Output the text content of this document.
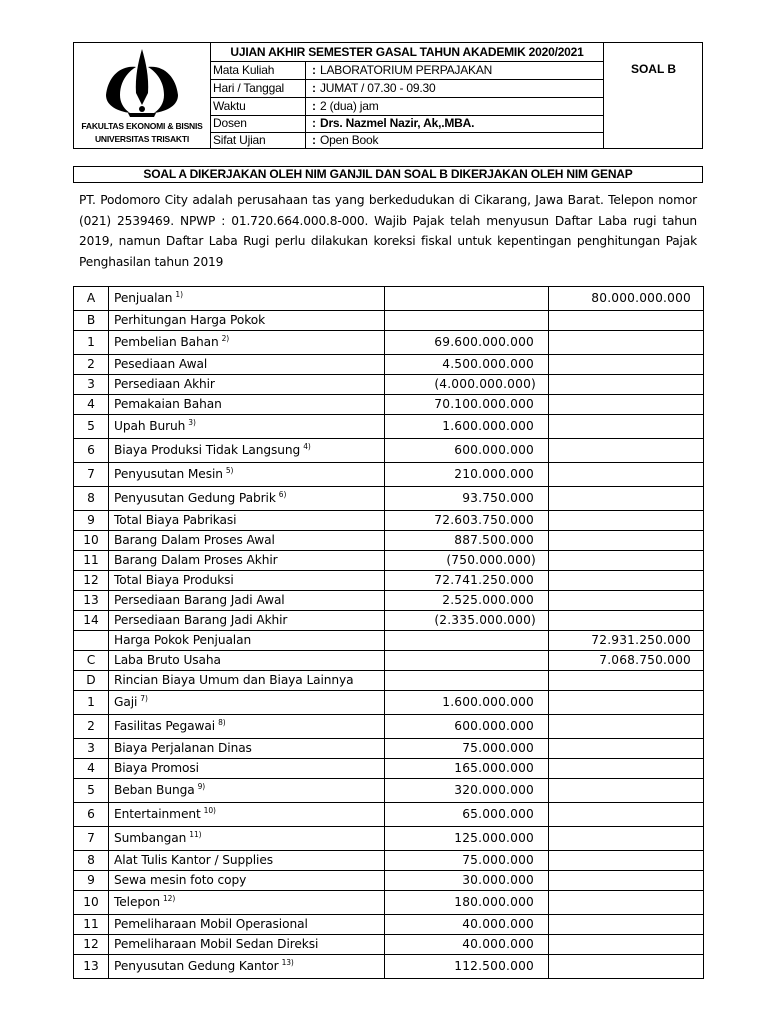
FAKULTAS EKONOMI & BISNIS
UNIVERSITAS TRISAKTI
UJIAN AKHIR SEMESTER GASAL TAHUN AKADEMIK 2020/2021
Mata Kuliah	: LABORATORIUM PERPAJAKAN
Hari / Tanggal	: JUMAT / 07.30 - 09.30
Waktu	: 2 (dua) jam
Dosen	: Drs. Nazmel Nazir, Ak,.MBA.
Sifat Ujian	: Open Book
SOAL B
SOAL A DIKERJAKAN OLEH NIM GANJIL DAN SOAL B DIKERJAKAN OLEH NIM GENAP
PT. Podomoro City adalah perusahaan tas yang berkedudukan di Cikarang, Jawa Barat. Telepon nomor (021) 2539469. NPWP : 01.720.664.000.8-000. Wajib Pajak telah menyusun Daftar Laba rugi tahun 2019, namun Daftar Laba Rugi perlu dilakukan koreksi fiskal untuk kepentingan penghitungan Pajak Penghasilan tahun 2019
A	Penjualan $^{1)}$		80.000.000.000
B	Perhitungan Harga Pokok		
1	Pembelian Bahan $^{2)}$	69.600.000.000	
2	Pesediaan Awal	4.500.000.000	
3	Persediaan Akhir	(4.000.000.000)	
4	Pemakaian Bahan	70.100.000.000	
5	Upah Buruh $^{3)}$	1.600.000.000	
6	Biaya Produksi Tidak Langsung $^{4)}$	600.000.000	
7	Penyusutan Mesin $^{5)}$	210.000.000	
8	Penyusutan Gedung Pabrik $^{6)}$	93.750.000	
9	Total Biaya Pabrikasi	72.603.750.000	
10	Barang Dalam Proses Awal	887.500.000	
11	Barang Dalam Proses Akhir	(750.000.000)	
12	Total Biaya Produksi	72.741.250.000	
13	Persediaan Barang Jadi Awal	2.525.000.000	
14	Persediaan Barang Jadi Akhir	(2.335.000.000)	
	Harga Pokok Penjualan		72.931.250.000
C	Laba Bruto Usaha		7.068.750.000
D	Rincian Biaya Umum dan Biaya Lainnya		
1	Gaji $^{7)}$	1.600.000.000	
2	Fasilitas Pegawai $^{8)}$	600.000.000	
3	Biaya Perjalanan Dinas	75.000.000	
4	Biaya Promosi	165.000.000	
5	Beban Bunga $^{9)}$	320.000.000	
6	Entertainment $^{10)}$	65.000.000	
7	Sumbangan $^{11)}$	125.000.000	
8	Alat Tulis Kantor / Supplies	75.000.000	
9	Sewa mesin foto copy	30.000.000	
10	Telepon $^{12)}$	180.000.000	
11	Pemeliharaan Mobil Operasional	40.000.000	
12	Pemeliharaan Mobil Sedan Direksi	40.000.000	
13	Penyusutan Gedung Kantor $^{13)}$	112.500.000	
